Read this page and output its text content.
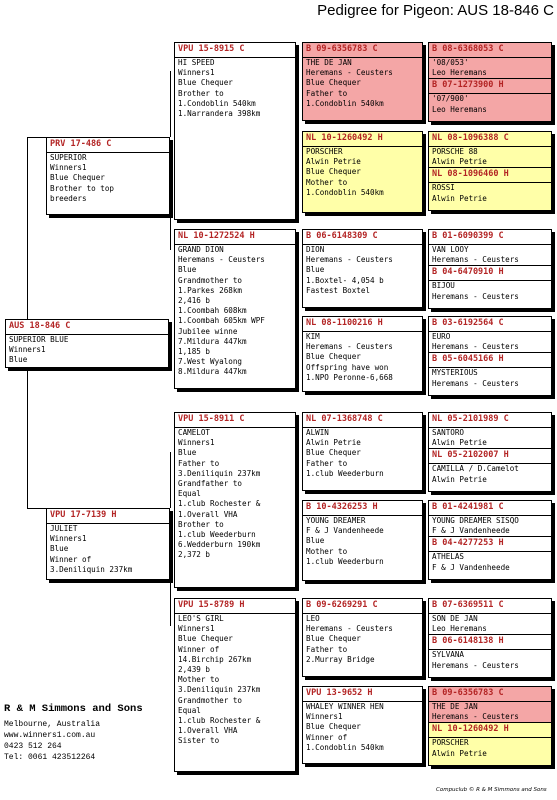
Pedigree for Pigeon: AUS 18-846 C
AUS 18-846 C
SUPERIOR BLUE
Winners1
Blue
PRV 17-486 C
SUPERIOR
Winners1
Blue Chequer
Brother to top
breeders
VPU 17-7139 H
JULIET
Winners1
Blue
Winner of
3.Deniliquin 237km
VPU 15-8915 C
HI SPEED
Winners1
Blue Chequer
Brother to
1.Condoblin 540km
1.Narrandera 398km
NL 10-1272524 H
GRAND DION
Heremans - Ceusters
Blue
Grandmother to
1.Parkes 268km
2,416 b
1.Coombah 608km
1.Coombah 605km WPF
Jubilee winne
7.Mildura 447km
1,185 b
7.West Wyalong
8.Mildura 447km
VPU 15-8911 C
CAMELOT
Winners1
Blue
Father to
3.Deniliquin 237km
Grandfather to
Equal
1.club Rochester &
1.Overall VHA
Brother to
1.club Weederburn
6.Wedderburn 190km
2,372 b
VPU 15-8789 H
LEO'S GIRL
Winners1
Blue Chequer
Winner of
14.Birchip 267km
2,439 b
Mother to
3.Deniliquin 237km
Grandmother to
Equal
1.club Rochester &
1.Overall VHA
Sister to
B 09-6356783 C
THE DE JAN
Heremans - Ceusters
Blue Chequer
Father to
1.Condoblin 540km
NL 10-1260492 H
PORSCHER
Alwin Petrie
Blue Chequer
Mother to
1.Condoblin 540km
B 06-6148309 C
DION
Heremans - Ceusters
Blue
1.Boxtel- 4,054 b
Fastest Boxtel
NL 08-1100216 H
KIM
Heremans - Ceusters
Blue Chequer
Offspring have won
1.NPO Peronne-6,668
NL 07-1368748 C
ALWIN
Alwin Petrie
Blue Chequer
Father to
1.club Weederburn
B 10-4326253 H
YOUNG DREAMER
F & J Vandenheede
Blue
Mother to
1.club Weederburn
B 09-6269291 C
LEO
Heremans - Ceusters
Blue Chequer
Father to
2.Murray Bridge
VPU 13-9652 H
WHALEY WINNER HEN
Winners1
Blue Chequer
Winner of
1.Condoblin 540km
B 08-6368053 C
'08/053'
Leo Heremans
B 07-1273900 H
'07/900'
Leo Heremans
NL 08-1096388 C
PORSCHE 88
Alwin Petrie
NL 08-1096460 H
ROSSI
Alwin Petrie
B 01-6090399 C
VAN LOOY
Heremans - Ceusters
B 04-6470910 H
BIJOU
Heremans - Ceusters
B 03-6192564 C
EURO
Heremans - Ceusters
B 05-6045166 H
MYSTERIOUS
Heremans - Ceusters
NL 05-2101989 C
SANTORO
Alwin Petrie
NL 05-2102007 H
CAMILLA / D.Camelot
Alwin Petrie
B 01-4241981 C
YOUNG DREAMER SISQO
F & J Vandenheede
B 04-4277253 H
ATHELAS
F & J Vandenheede
B 07-6369511 C
SON DE JAN
Leo Heremans
B 06-6148138 H
SYLVANA
Heremans - Ceusters
B 09-6356783 C
THE DE JAN
Heremans - Ceusters
NL 10-1260492 H
PORSCHER
Alwin Petrie
R & M Simmons and Sons
Melbourne, Australia
www.winners1.com.au
0423 512 264
Tel: 0061 423512264
Compuclub © R & M Simmons and Sons
